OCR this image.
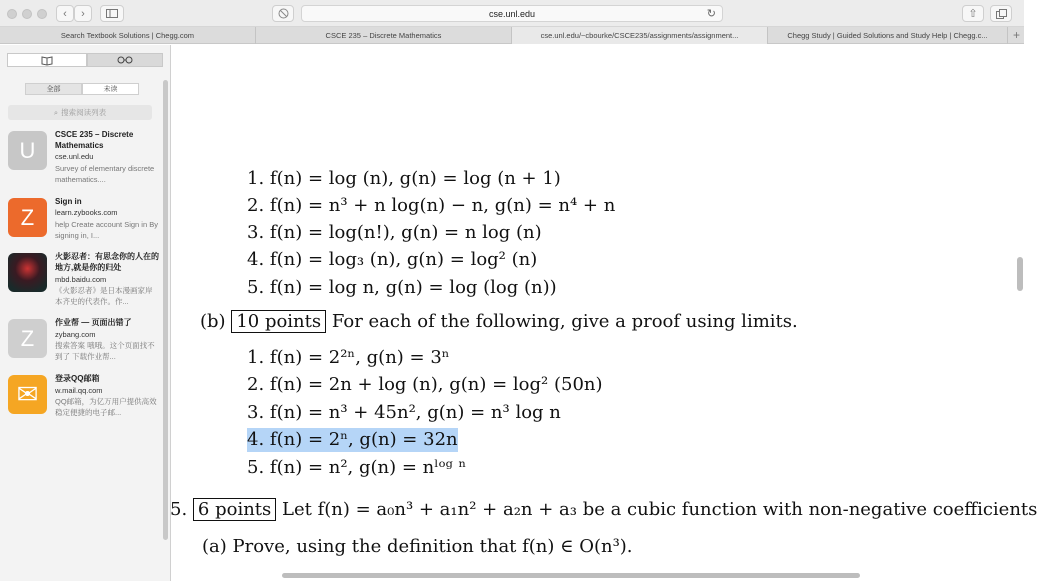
‹ ›	cse.unl.edu	↻	⇧
Search Textbook Solutions | Chegg.com	CSCE 235 – Discrete Mathematics	cse.unl.edu/~cbourke/CSCE235/assignments/assignment...	Chegg Study | Guided Solutions and Study Help | Chegg.c...	+
全部	未读
⌕ 搜索阅读列表
U
CSCE 235 – Discrete Mathematics
cse.unl.edu
Survey of elementary discrete mathematics....
Z
Sign in
learn.zybooks.com
help Create account Sign in By signing in, I...
火影忍者：有思念你的人在的地方,就是你的归处
mbd.baidu.com
《火影忍者》是日本漫画家岸本齐史的代表作。作...
Z
作业帮 — 页面出错了
zybang.com
搜索答案 哦哦。这个页面找不到了 下载作业帮...
✉
登录QQ邮箱
w.mail.qq.com
QQ邮箱，为亿万用户提供高效稳定便捷的电子邮...
1. f(n) = log (n), g(n) = log (n + 1)
2. f(n) = n³ + n log(n) − n, g(n) = n⁴ + n
3. f(n) = log(n!), g(n) = n log (n)
4. f(n) = log₃ (n), g(n) = log² (n)
5. f(n) = log n, g(n) = log (log (n))
(b) 10 points For each of the following, give a proof using limits.
1. f(n) = 2²ⁿ, g(n) = 3ⁿ
2. f(n) = 2n + log (n), g(n) = log² (50n)
3. f(n) = n³ + 45n², g(n) = n³ log n
4. f(n) = 2ⁿ, g(n) = 32n
5. f(n) = n², g(n) = nˡᵒᵍ ⁿ
5. 6 points Let f(n) = a₀n³ + a₁n² + a₂n + a₃ be a cubic function with non-negative coefficients
(a) Prove, using the definition that f(n) ∈ O(n³).
